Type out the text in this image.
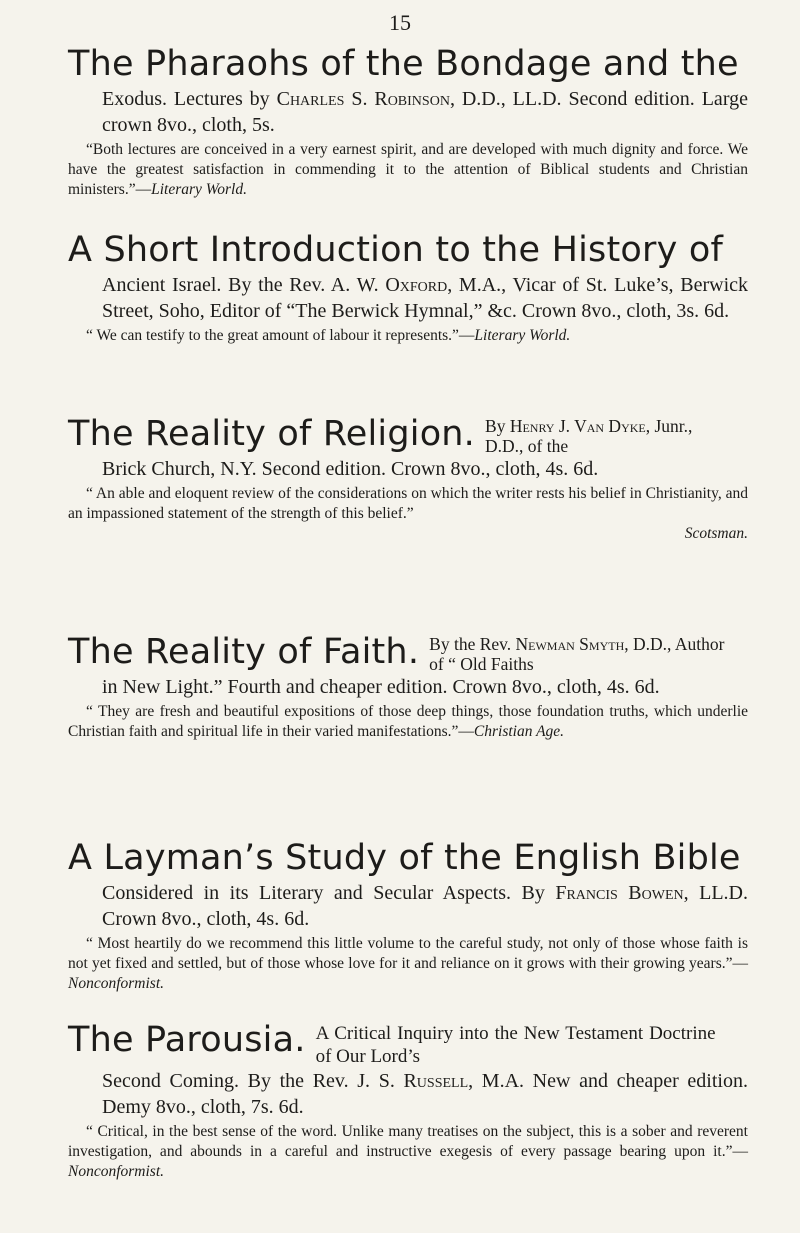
15
The Pharaohs of the Bondage and the

Exodus. Lectures by Charles S. Robinson, D.D., LL.D. Second edition. Large crown 8vo., cloth, 5s.

“Both lectures are conceived in a very earnest spirit, and are developed with much dignity and force. We have the greatest satisfaction in commending it to the attention of Biblical students and Christian ministers.”—Literary World.

A Short Introduction to the History of

Ancient Israel. By the Rev. A. W. Oxford, M.A., Vicar of St. Luke’s, Berwick Street, Soho, Editor of “The Berwick Hymnal,” &c. Crown 8vo., cloth, 3s. 6d.

“ We can testify to the great amount of labour it represents.”—Literary World.

The Reality of Religion. By Henry J. Van Dyke, Junr., D.D., of the

Brick Church, N.Y. Second edition. Crown 8vo., cloth, 4s. 6d.

“ An able and eloquent review of the considerations on which the writer rests his belief in Christianity, and an impassioned statement of the strength of this belief.”

Scotsman.
The Reality of Faith. By the Rev. Newman Smyth, D.D., Author of “ Old Faiths

in New Light.” Fourth and cheaper edition. Crown 8vo., cloth, 4s. 6d.

“ They are fresh and beautiful expositions of those deep things, those foundation truths, which underlie Christian faith and spiritual life in their varied manifestations.”—Christian Age.

A Layman’s Study of the English Bible

Considered in its Literary and Secular Aspects. By Francis Bowen, LL.D. Crown 8vo., cloth, 4s. 6d.

“ Most heartily do we recommend this little volume to the careful study, not only of those whose faith is not yet fixed and settled, but of those whose love for it and reliance on it grows with their growing years.”—Nonconformist.

The Parousia. A Critical Inquiry into the New Testament Doctrine of Our Lord’s

Second Coming. By the Rev. J. S. Russell, M.A. New and cheaper edition. Demy 8vo., cloth, 7s. 6d.

“ Critical, in the best sense of the word. Unlike many treatises on the subject, this is a sober and reverent investigation, and abounds in a careful and instructive exegesis of every passage bearing upon it.”—Nonconformist.
